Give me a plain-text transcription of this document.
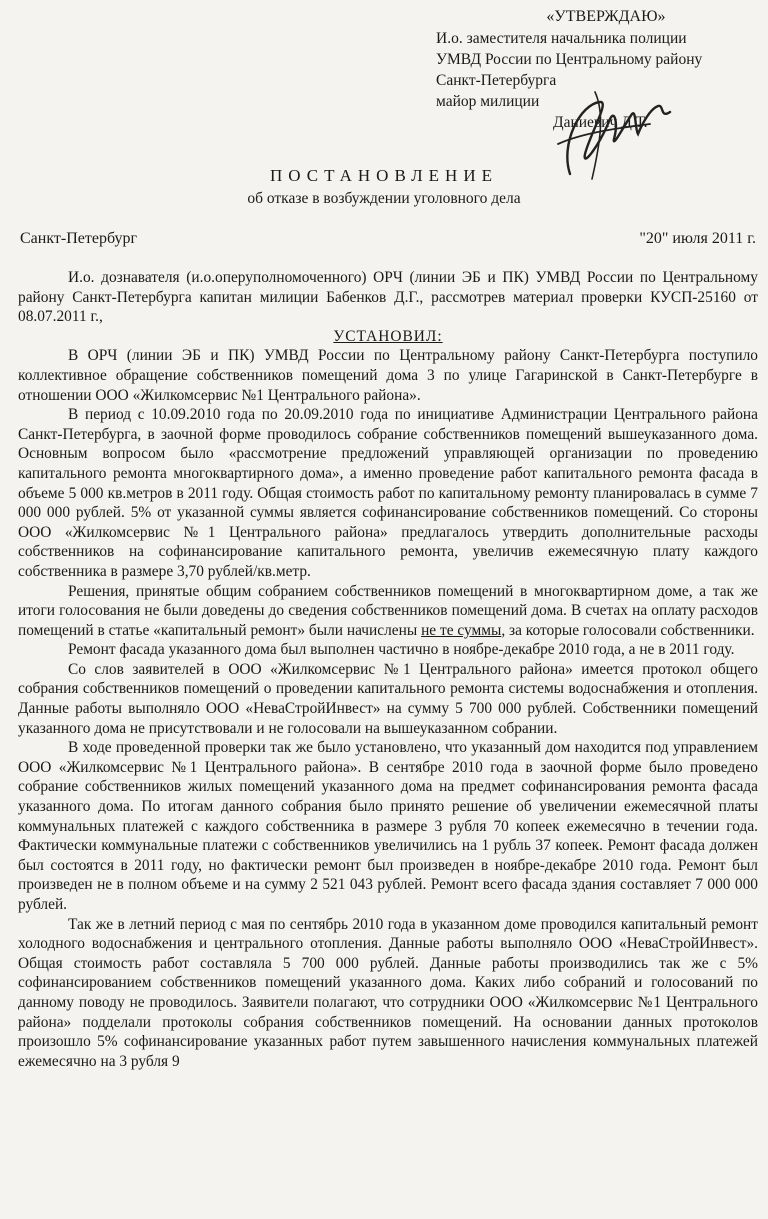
«УТВЕРЖДАЮ»
И.о. заместителя начальника полиции
УМВД России по Центральному району
Санкт-Петербурга
майор милиции
Даниевич Д.Т.
ПОСТАНОВЛЕНИЕ
об отказе в возбуждении уголовного дела
Санкт-Петербург	"20" июля 2011 г.

И.о. дознавателя (и.о.оперуполномоченного) ОРЧ (линии ЭБ и ПК) УМВД России по Центральному району Санкт-Петербурга капитан милиции Бабенков Д.Г., рассмотрев материал проверки КУСП-25160 от 08.07.2011 г.,

УСТАНОВИЛ:

В ОРЧ (линии ЭБ и ПК) УМВД России по Центральному району Санкт-Петербурга поступило коллективное обращение собственников помещений дома 3 по улице Гагаринской в Санкт-Петербурге в отношении ООО «Жилкомсервис №1 Центрального района».

В период с 10.09.2010 года по 20.09.2010 года по инициативе Администрации Центрального района Санкт-Петербурга, в заочной форме проводилось собрание собственников помещений вышеуказанного дома. Основным вопросом было «рассмотрение предложений управляющей организации по проведению капитального ремонта многоквартирного дома», а именно проведение работ капитального ремонта фасада в объеме 5 000 кв.метров в 2011 году. Общая стоимость работ по капитальному ремонту планировалась в сумме 7 000 000 рублей. 5% от указанной суммы является софинансирование собственников помещений. Со стороны ООО «Жилкомсервис №1 Центрального района» предлагалось утвердить дополнительные расходы собственников на софинансирование капитального ремонта, увеличив ежемесячную плату каждого собственника в размере 3,70 рублей/кв.метр.

Решения, принятые общим собранием собственников помещений в многоквартирном доме, а так же итоги голосования не были доведены до сведения собственников помещений дома. В счетах на оплату расходов помещений в статье «капитальный ремонт» были начислены не те суммы, за которые голосовали собственники.

Ремонт фасада указанного дома был выполнен частично в ноябре-декабре 2010 года, а не в 2011 году.

Со слов заявителей в ООО «Жилкомсервис №1 Центрального района» имеется протокол общего собрания собственников помещений о проведении капитального ремонта системы водоснабжения и отопления. Данные работы выполняло ООО «НеваСтройИнвест» на сумму 5 700 000 рублей. Собственники помещений указанного дома не присутствовали и не голосовали на вышеуказанном собрании.

В ходе проведенной проверки так же было установлено, что указанный дом находится под управлением ООО «Жилкомсервис №1 Центрального района». В сентябре 2010 года в заочной форме было проведено собрание собственников жилых помещений указанного дома на предмет софинансирования ремонта фасада указанного дома. По итогам данного собрания было принято решение об увеличении ежемесячной платы коммунальных платежей с каждого собственника в размере 3 рубля 70 копеек ежемесячно в течении года. Фактически коммунальные платежи с собственников увеличились на 1 рубль 37 копеек. Ремонт фасада должен был состоятся в 2011 году, но фактически ремонт был произведен в ноябре-декабре 2010 года. Ремонт был произведен не в полном объеме и на сумму 2 521 043 рублей. Ремонт всего фасада здания составляет 7 000 000 рублей.

Так же в летний период с мая по сентябрь 2010 года в указанном доме проводился капитальный ремонт холодного водоснабжения и центрального отопления. Данные работы выполняло ООО «НеваСтройИнвест». Общая стоимость работ составляла 5 700 000 рублей. Данные работы производились так же с 5% софинансированием собственников помещений указанного дома. Каких либо собраний и голосований по данному поводу не проводилось. Заявители полагают, что сотрудники ООО «Жилкомсервис №1 Центрального района» подделали протоколы собрания собственников помещений. На основании данных протоколов произошло 5% софинансирование указанных работ путем завышенного начисления коммунальных платежей ежемесячно на 3 рубля 9
